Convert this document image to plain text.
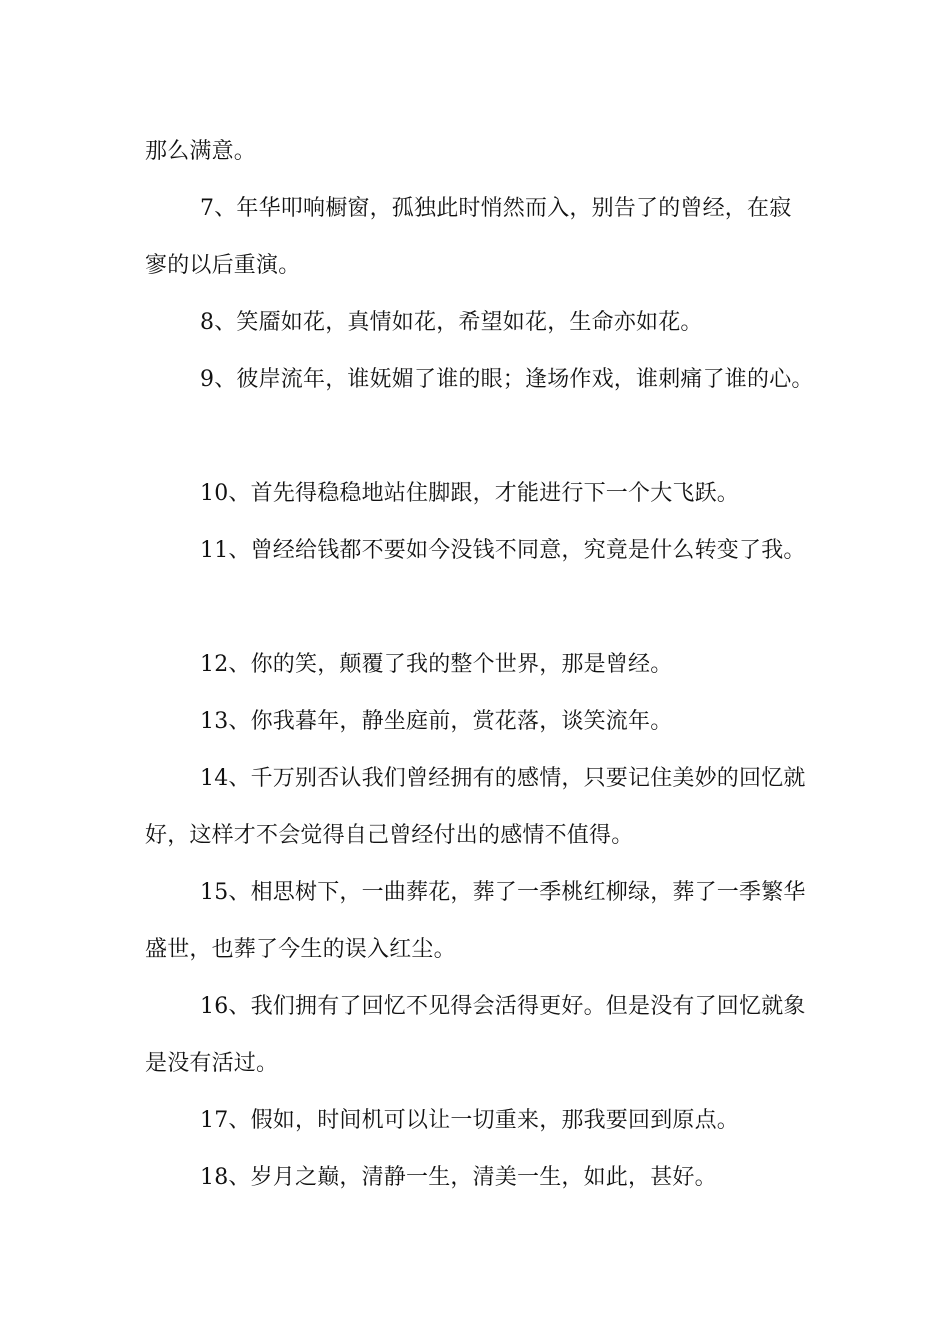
那么满意。
7、年华叩响橱窗，孤独此时悄然而入，别告了的曾经，在寂
寥的以后重演。
8、笑靥如花，真情如花，希望如花，生命亦如花。
9、彼岸流年，谁妩媚了谁的眼；逢场作戏，谁刺痛了谁的心。
10、首先得稳稳地站住脚跟，才能进行下一个大飞跃。
11、曾经给钱都不要如今没钱不同意，究竟是什么转变了我。
12、你的笑，颠覆了我的整个世界，那是曾经。
13、你我暮年，静坐庭前，赏花落，谈笑流年。
14、千万别否认我们曾经拥有的感情，只要记住美妙的回忆就
好，这样才不会觉得自己曾经付出的感情不值得。
15、相思树下，一曲葬花，葬了一季桃红柳绿，葬了一季繁华
盛世，也葬了今生的误入红尘。
16、我们拥有了回忆不见得会活得更好。但是没有了回忆就象
是没有活过。
17、假如，时间机可以让一切重来，那我要回到原点。
18、岁月之巅，清静一生，清美一生，如此，甚好。
